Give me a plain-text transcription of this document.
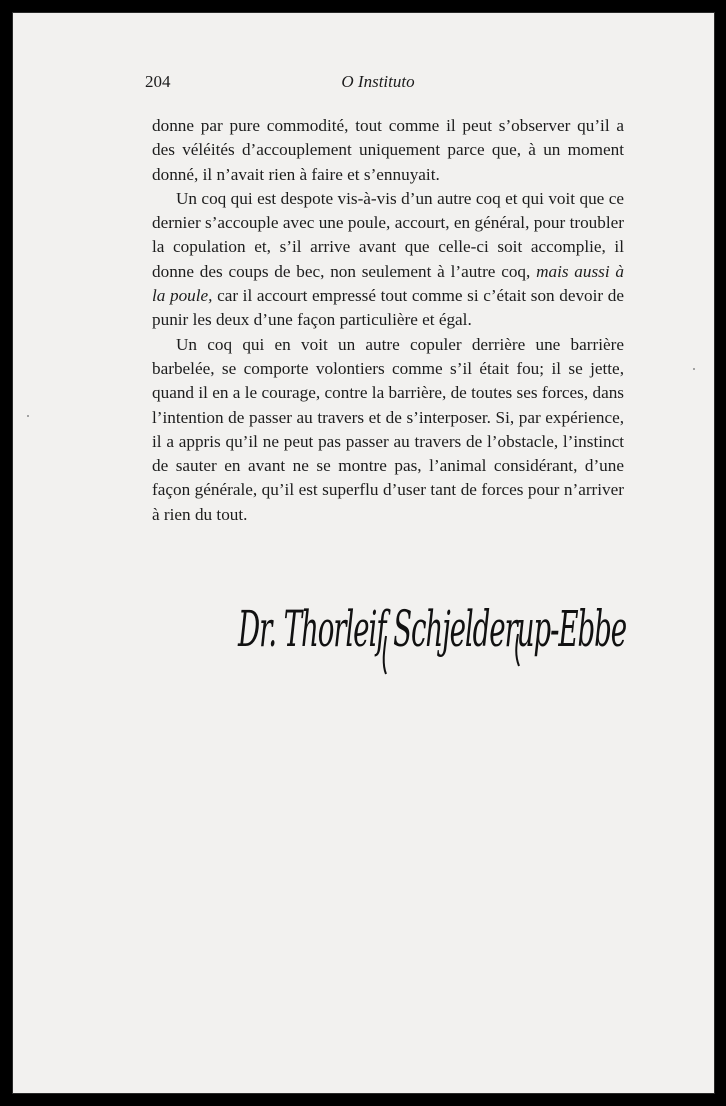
204	O Instituto

donne par pure commodité, tout comme il peut s’observer qu’il a des véléités d’accouplement uniquement parce que, à un moment donné, il n’avait rien à faire et s’ennuyait.

Un coq qui est despote vis-à-vis d’un autre coq et qui voit que ce dernier s’accouple avec une poule, accourt, en général, pour troubler la copulation et, s’il arrive avant que celle-ci soit accomplie, il donne des coups de bec, non seulement à l’autre coq, mais aussi à la poule, car il accourt empressé tout comme si c’était son devoir de punir les deux d’une façon particulière et égal.

Un coq qui en voit un autre copuler derrière une barrière barbelée, se comporte volontiers comme s’il était fou; il se jette, quand il en a le courage, contre la barrière, de toutes ses forces, dans l’intention de passer au travers et de s’interposer. Si, par expérience, il a appris qu’il ne peut pas passer au travers de l’obstacle, l’instinct de sauter en avant ne se montre pas, l’animal considérant, d’une façon générale, qu’il est superflu d’user tant de forces pour n’arriver à rien du tout.

Dr. Thorleif Schjelderup-Ebbe
